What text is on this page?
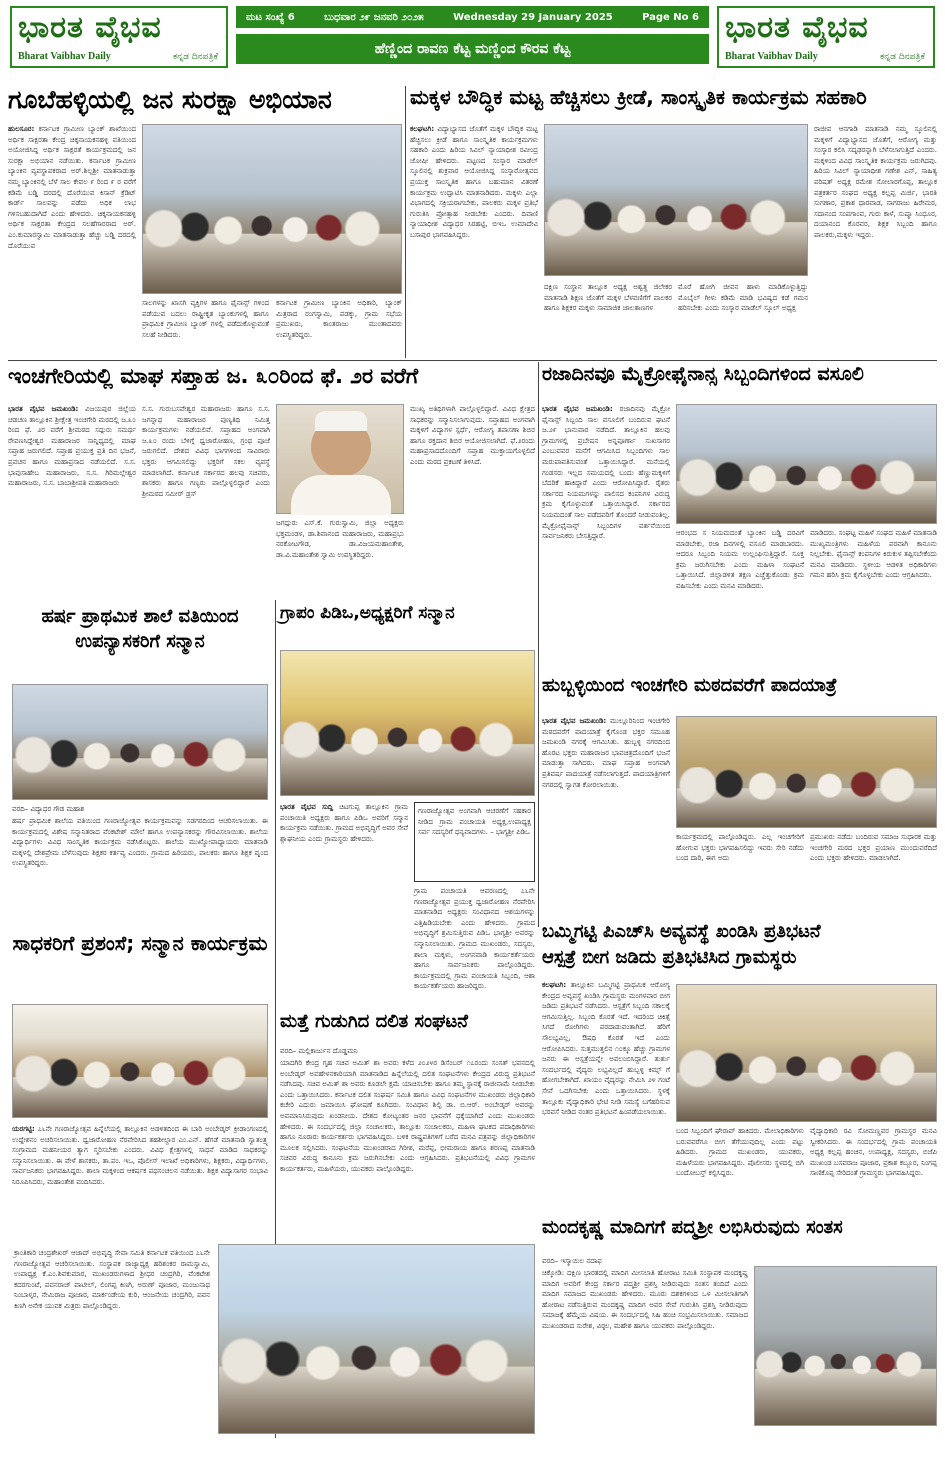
ಭಾರತ ವೈಭವ
Bharat Vaibhav Daily	ಕನ್ನಡ ದಿನಪತ್ರಿಕೆ
ಮಟ ಸಂಖ್ಯೆ 6	ಬುಧವಾರ ೨೯ ಜನವರಿ ೨೦೨೫	Wednesday 29 January 2025	Page No 6
ಹೆಣ್ಣಿಂದ ರಾವಣ ಕೆಟ್ಟ ಮಣ್ಣಿಂದ ಕೌರವ ಕೆಟ್ಟ
ಭಾರತ ವೈಭವ
Bharat Vaibhav Daily	ಕನ್ನಡ ದಿನಪತ್ರಿಕೆ
ಗೂಬೆಹಳ್ಳಿಯಲ್ಲಿ ಜನ ಸುರಕ್ಷಾ ಅಭಿಯಾನ
ಹುಲಸೂರ: ಕರ್ನಾಟಕ ಗ್ರಾಮೀಣ ಬ್ಯಾಂಕ್ ಶಾಖೆಯಿಂದ ಅರ್ಥಿಕ ಸಾಕ್ಷರತಾ ಕೇಂದ್ರ ಚಿಕ್ಕನಾಯಕನಹಳ್ಳಿ ವತಿಯಿಂದ ಅಯೋಜಿಸಿದ್ದ ಅರ್ಥಿಕ ಸಾಕ್ಷರತೆ ಕಾರ್ಯಕ್ರಮದಲ್ಲಿ ಜನ ಸುರಕ್ಷಾ ಅಭಿಯಾನ ನಡೆಯಿತು. ಕರ್ನಾಟಕ ಗ್ರಾಮೀಣ ಬ್ಯಾಂಕಿನ ವ್ಯವಸ್ಥಾಪಕರಾದ ಅರ್.ಶಿಲ್ಪಶ್ರೀ ಮಾತನಾಡುತ್ತಾ ನಮ್ಮ ಬ್ಯಾಂಕಿನಲ್ಲಿ ಬೆಳೆ ಸಾಲ ಕೇವಲ ೯ ರಿಂದ ೯ ರ ವರೆಗೆ ಕಡಿಮೆ ಬಡ್ಡಿ ದರದಲ್ಲಿ ದೊರೆಯುವ ಕಿಸಾನ್ ಕ್ರೆಡಿಟ್ ಕಾರ್ಡ್ ಸಾಲವನ್ನು ಪಡೆದು ಅಧಿಕ ಲಾಭ ಗಳಿಸಬಹುದಾಗಿದೆ ಎಂದು ಹೇಳಿದರು. ಚಿಕ್ಕನಾಯಕನಹಳ್ಳಿ ಅರ್ಥಿಕ ಸಾಕ್ಷರತಾ ಕೇಂದ್ರದ ಸಲಹೆಗಾರರಾದ ಅರ್. ಎಂ.ಕುಮಾರಸ್ವಾಮಿ ಮಾತನಾಡುತ್ತಾ ಹೆಚ್ಚು ಬಡ್ಡಿ ದರದಲ್ಲಿ ದೊರೆಯುವ
ಸಾಲಗಳನ್ನು ಖಾಸಗಿ ವ್ಯಕ್ತಿಗಳ ಹಾಗೂ ಫೈನಾನ್ಸ್ ಗಳಿಂದ ಪಡೆಯುವ ಬದಲು ರಾಷ್ಟ್ರೀಕೃತ ಬ್ಯಾಂಕುಗಳಲ್ಲಿ ಹಾಗೂ ಪ್ರಾಥಮಿಕ ಗ್ರಾಮೀಣ ಬ್ಯಾಂಕ್ ಗಳಲ್ಲಿ ಪಡೆದುಕೊಳ್ಳುವಂತೆ ಸಲಹೆ ನೀಡಿದರು.
ಕರ್ನಾಟಕ ಗ್ರಾಮೀಣ ಬ್ಯಾಂಕಿನ ಅಧಿಕಾರಿ, ಬ್ಯಾಂಕ್ ಮಿತ್ರರಾದ ರಂಗಸ್ವಾಮಿ, ಪಡಕ್ಕು, ಗ್ರಾಮ ಸಭೆಯ ಪ್ರಮುಖರು, ಕಾಂತರಾಜು ಮುಂತಾದವರು ಉಪಸ್ಥಿತರಿದ್ದರು.
ಮಕ್ಕಳ ಬೌದ್ಧಿಕ ಮಟ್ಟ ಹೆಚ್ಚಿಸಲು ಕ್ರೀಡೆ, ಸಾಂಸ್ಕೃತಿಕ ಕಾರ್ಯಕ್ರಮ ಸಹಕಾರಿ
ಕಲಘಟಗಿ: ವಿದ್ಯಾಭ್ಯಾಸದ ಜೊತೆಗೆ ಮಕ್ಕಳ ಬೌದ್ಧಿಕ ಮಟ್ಟ ಹೆಚ್ಚಿಸಲು ಕ್ರೀಡೆ ಹಾಗೂ ಸಾಂಸ್ಕೃತಿಕ ಕಾರ್ಯಕ್ರಮಗಳು ಸಹಕಾರಿ ಎಂದು ಹಿರಿಯ ಸಿವಿಲ್ ನ್ಯಾಯಾಧೀಶ ರವೀಂದ್ರ ಜೋಷೀ ಹೇಳಿದರು. ಪಟ್ಟಣದ ಸಂಸ್ಕಾರ ಮಾಡೆಲ್ ಸ್ಕೂಲಿನಲ್ಲಿ ಶುಕ್ರವಾರ ಆಯೋಜಿಸಿದ್ದ ಸಂಸ್ಕಾರೋತ್ಸವದ ಪ್ರಯುಕ್ತ ಸಾಂಸ್ಕೃತಿಕ ಹಾಗೂ ಬಹುಮಾನ ವಿತರಣೆ ಕಾರ್ಯಕ್ರಮ ಉದ್ಘಾಟಿಸಿ ಮಾತನಾಡಿದರು. ಮಕ್ಕಳು ಎಲ್ಲಾ ವಿಭಾಗದಲ್ಲಿ ಸಕ್ರಿಯರಾಗಬೇಕು, ಪಾಲಕರು ಮಕ್ಕಳ ಪ್ರತಿಭೆ ಗುರುತಿಸಿ ಪ್ರೋತ್ಸಾಹ ನೀಡಬೇಕು ಎಂದರು. ದಿವಾಣಿ ನ್ಯಾಯಾಧೀಶ ವಿದ್ಯಾಧರ ಸಿರಹಟ್ಟಿ, ಬಿಇಒ ಉಮಾದೇವಿ ಬಸಾಪುರ ಭಾಗವಹಿಸಿದ್ದರು.
ದಕ್ಷಿಣ ಸಂಸ್ಥಾನ ತಾಲ್ಲೂಕ ಅಧ್ಯಕ್ಷ ಅಶ್ವತ್ಥ ಜಿಲೇಕರ ಮಾತನಾಡಿ ಶಿಕ್ಷಣ ಜೊತೆಗೆ ಮಕ್ಕಳ ಬೆಳವಣಿಗೆಗೆ ಪಾಲಕರ ಹಾಗೂ ಶಿಕ್ಷಕರ ಮಕ್ಕಳು ಸಾಮಾಜಿಕ ಜಾಲತಾಣಗಳ
ಮೊರೆ ಹೋಗಿ ಜೀವನ ಹಾಳು ಮಾಡಿಕೊಳ್ಳುತ್ತಿದ್ದು ಮೊಬೈಲ್ ಗೀಳು ಕಡಿಮೆ ಮಾಡಿ ಭವಿಷ್ಯದ ಕಡೆ ಗಮನ ಹರಿಸಬೇಕು ಎಂದು ಸಂಸ್ಕಾರ ಮಾಡೆಲ್ ಸ್ಕೂಲ್ ಅಧ್ಯಕ್ಷ
ರಾಜೀವ ಆನಗಾಡಿ ಮಾತನಾಡಿ ನಮ್ಮ ಸ್ಕೂಲಿನಲ್ಲಿ ಮಕ್ಕಳಿಗೆ ವಿದ್ಯಾಭ್ಯಾಸದ ಜೊತೆಗೆ, ಆರೋಗ್ಯ ಮತ್ತು ಸಂಸ್ಕಾರ ಕಲಿಸಿ ಸದೃಢರನ್ನಾಗಿ ಬೆಳೆಸಲಾಗುತ್ತಿದೆ ಎಂದರು. ಮಕ್ಕಳಿಂದ ವಿವಿಧ ಸಾಂಸ್ಕೃತಿಕ ಕಾರ್ಯಕ್ರಮ ಜರುಗಿದವು. ಹಿರಿಯ ಸಿವಿಲ್ ನ್ಯಾಯಾಧೀಶ ಗಣೇಶ ಎನ್, ಸಾಹಿತ್ಯ ಪರಿಷತ್ ಅಧ್ಯಕ್ಷ ರಮೇಶ ಸೋಲಾರಗೊಪ್ಪ, ತಾಲ್ಲೂಕ ಪತ್ರಕರ್ತರ ಸಂಘದ ಅಧ್ಯಕ್ಷ ಕಲ್ಲಪ್ಪ ಮಿರ್ಜಿ, ಭಾರತಿ ಸುಗಣಾರ, ಪ್ರಕಾಶ ಧಾರವಾಡ, ನಾಗರಾಜು ಹಿರೇಮಠ, ಸದಾನಂದ ಸಂಪಗಾಂವ, ಗುರು ಕಾಳೆ, ಸುಷ್ಮಾ ಸಿಂಧೂರ, ದಯಾನಂದ ಕೊರವರ, ಶಿಕ್ಷಕ ಸಿಬ್ಬಂದಿ ಹಾಗೂ ಪಾಲಕರು,ಮಕ್ಕಳು ಇದ್ದರು.
ಇಂಚಗೇರಿಯಲ್ಲಿ ಮಾಘ ಸಪ್ತಾಹ ಜ. ೩೦ರಿಂದ ಫೆ. ೨ರ ವರೆಗೆ
ಭಾರತ ವೈಭವ ಜಮಖಂಡಿ: ವಿಜಯಪುರ ಜಿಲ್ಲೆಯ ಚಡಚಣ ತಾಲ್ಲೂಕಿನ ಶ್ರೀಕ್ಷೇತ್ರ ಇಂಚಗೇರಿ ಮಠದಲ್ಲಿ ಜ.೩೦ ರಿಂದ ಫೆ. ೨ರ ವರೆಗೆ ಶ್ರೀಮಠದ ಸದ್ಗುರು ಸಮರ್ಥ ರೇವಣಸಿದ್ದೇಶ್ವರ ಮಹಾರಾಜರ ಸಾನ್ನಿಧ್ಯದಲ್ಲಿ ಮಾಘ ಸಪ್ತಾಹ ಜರುಗಲಿದೆ. ಸಪ್ತಾಹ ಪ್ರಯುಕ್ತ ಪ್ರತಿ ದಿನ ಭಜನೆ, ಪ್ರವಚನ ಹಾಗೂ ಮಹಾಪ್ರಸಾದ ನಡೆಯಲಿದೆ. ಸ.ಸ. ಭಾವುಸಾಹೇಬ ಮಹಾರಾಜರು, ಸ.ಸ. ಗಿರಿಮಲ್ಲೇಶ್ವರ ಮಹಾರಾಜರು, ಸ.ಸ. ಬಾಬಾಶ್ರೀಪತಿ ಮಹಾರಾಜರು
ಸ.ಸ. ಗುರುಬಸವೇಶ್ವರ ಮಹಾರಾಜರು ಹಾಗೂ ಸ.ಸ. ಜಗನ್ನಾಥ ಮಹಾರಾಜರ ಪುಣ್ಯತಿಥಿ ನಿಮಿತ್ತ ಕಾರ್ಯಕ್ರಮಗಳು ನಡೆಯಲಿವೆ. ಸಪ್ತಾಹದ ಅಂಗವಾಗಿ ಜ.೩೦ ರಂದು ಬೆಳಿಗ್ಗೆ ಧ್ವಜಾರೋಹಣ, ಗ್ರಂಥ ಪೂಜೆ ಜರುಗಲಿದೆ. ದೇಶದ ವಿವಿಧ ಭಾಗಗಳಿಂದ ಸಾವಿರಾರು ಭಕ್ತರು ಆಗಮಿಸಲಿದ್ದು ಭಕ್ತರಿಗೆ ಸಕಲ ವ್ಯವಸ್ಥೆ ಮಾಡಲಾಗಿದೆ. ಕರ್ನಾಟಕ ಸರ್ಕಾರದ ಹಲವು ಸಚಿವರು, ಶಾಸಕರು ಹಾಗೂ ಗಣ್ಯರು ಪಾಲ್ಗೊಳ್ಳಲಿದ್ದಾರೆ ಎಂದು ಶ್ರೀಮಠದ ಸಮೀರ್ ಡ್ರಸ್
ಜಗದ್ಗುರು ಎಸ್.ಕೆ. ಗುರುಸ್ವಾಮಿ, ಜಿಲ್ಲಾ ಅಧ್ಯಕ್ಷರು ಭಕ್ತಮಂಡಳ, ಡಾ.ಶಿವಾನಂದ ಮಹಾರಾಜರು, ಮಹಾಪ್ರಭು ನರಕೋಟಗೌಡ, ಡಾ.ವಿಜಯಮಹಾಂತೇಶ, ಡಾ.ವಿ.ಮಹಾಂತೇಶ ಸ್ವಾಮಿ ಉಪಸ್ಥಿತರಿದ್ದರು.
ಮುಖ್ಯ ಅತಿಥಿಗಳಾಗಿ ಪಾಲ್ಗೊಳ್ಳಲಿದ್ದಾರೆ. ವಿವಿಧ ಕ್ಷೇತ್ರದ ಸಾಧಕರನ್ನು ಸನ್ಮಾನಿಸಲಾಗುವುದು. ಸಪ್ತಾಹದ ಅಂಗವಾಗಿ ಮಕ್ಕಳಿಗೆ ವಿದ್ಯಾಗಳ ಸ್ಪರ್ಧೆ, ಆರೋಗ್ಯ ತಪಾಸಣಾ ಶಿಬಿರ ಹಾಗೂ ರಕ್ತದಾನ ಶಿಬಿರ ಆಯೋಜಿಸಲಾಗಿದೆ. ಫೆ.೨ರಂದು ಮಹಾಪ್ರಸಾದದೊಂದಿಗೆ ಸಪ್ತಾಹ ಮುಕ್ತಾಯಗೊಳ್ಳಲಿದೆ ಎಂದು ಮಠದ ಪ್ರಕಟಣೆ ತಿಳಿಸಿದೆ.
ರಜಾದಿನವೂ ಮೈಕ್ರೋಫೈನಾನ್ಸ ಸಿಬ್ಬಂದಿಗಳಿಂದ ವಸೂಲಿ
ಭಾರತ ವೈಭವ ಜಮಖಂಡಿ: ರಜಾದಿನವು ಮೈಕ್ರೋ ಫೈನಾನ್ಸ್ ಸಿಬ್ಬಂದಿ ಸಾಲ ವಸೂಲಿಗೆ ಬಂದಿರುವ ಘಟನೆ ಜ.೨೯ ಭಾನುವಾರ ನಡೆದಿದೆ. ತಾಲ್ಲೂಕಿನ ಹಲವು ಗ್ರಾಮಗಳಲ್ಲಿ ಪ್ರಬೇಷನ ಅನ್ನಪೂರ್ಣಾ ಸುಖಸಾಗರ ಎಂಬುವವರ ಮನೆಗೆ ಆಗಮಿಸಿದ ಸಿಬ್ಬಂದಿಗಳು ಸಾಲ ಮರುಪಾವತಿಸುವಂತೆ ಒತ್ತಾಯಿಸಿದ್ದಾರೆ. ಮನೆಯಲ್ಲಿ ಗಂಡಸರು ಇಲ್ಲದ ಸಮಯದಲ್ಲಿ ಬಂದು ಹೆಣ್ಣುಮಕ್ಕಳಿಗೆ ಬೆದರಿಕೆ ಹಾಕಿದ್ದಾರೆ ಎಂದು ಆರೋಪಿಸಿದ್ದಾರೆ. ರೈತರು ಸರ್ಕಾರದ ನಿಯಮಗಳನ್ನು ಪಾಲಿಸದ ಕಂಪನಿಗಳ ವಿರುದ್ಧ ಕ್ರಮ ಕೈಗೊಳ್ಳುವಂತೆ ಒತ್ತಾಯಿಸಿದ್ದಾರೆ. ಸರ್ಕಾರದ ನಿಯಮದಂತೆ ಸಾಲ ಪಡೆದವರಿಗೆ ತೊಂದರೆ ನೀಡುವಂತಿಲ್ಲ. ಮೈಕ್ರೋಫೈನಾನ್ಸ್ ಸಿಬ್ಬಂದಿಗಳ ವರ್ತನೆಯಿಂದ ಸಾರ್ವಜನಿಕರು ಬೇಸತ್ತಿದ್ದಾರೆ.	ಆರಂಭದ ಸ ನಿಯಮದಂತೆ ಬ್ಯಾಂಕಿನ ಬಡ್ಡಿ ದರವಿಗೆ ಮಾಡಬೇಕು, ರಜಾ ದಿನಗಳಲ್ಲಿ ವಸೂಲಿ ಮಾಡಬಾರದು. ಆದರೂ ಸಿಬ್ಬಂದಿ ನಿಯಮ ಉಲ್ಲಂಘಿಸುತ್ತಿದ್ದಾರೆ. ಸೂಕ್ತ ಕ್ರಮ ಜರುಗಿಸಬೇಕು ಎಂದು ಮಹಿಳಾ ಸಂಘಟನೆ ಒತ್ತಾಯಿಸಿದೆ. ಜಿಲ್ಲಾಡಳಿತ ತಕ್ಷಣ ಎಚ್ಚೆತ್ತುಕೊಂಡು ಕ್ರಮ ವಹಿಸಬೇಕು ಎಂದು ಮನವಿ ಮಾಡಿದರು.
ಮಾಡಿದರು. ಸಂಘಟ್ಟ ಮಹಿಳೆ ಸಂಘದ ಮಹಿಳೆ ಮಾತನಾಡಿ ಮುಖ್ಯಮಂತ್ರಿಗಳು ಮಹಿಳೆಯ ಪರವಾಗಿ ಕಾನೂನು ನಿಲ್ಲಬೇಕು. ಫೈನಾನ್ಸ್ ಕಂಪನಿಗಳ ಕಿರುಕುಳ ತಪ್ಪಿಸಬೇಕೆಂದು ಮನವಿ ಮಾಡಿದರು. ಸ್ಥಳೀಯ ಆಡಳಿತ ಅಧಿಕಾರಿಗಳು ಗಮನ ಹರಿಸಿ ಕ್ರಮ ಕೈಗೊಳ್ಳಬೇಕು ಎಂದು ಆಗ್ರಹಿಸಿದರು.
ಹರ್ಷ ಪ್ರಾಥಮಿಕ ಶಾಲೆ ವತಿಯಿಂದ ಉಪನ್ಯಾಸಕರಿಗೆ ಸನ್ಮಾನ
ವರದಿ– ವಿದ್ಯಾಧರ ಗೌಡ ಮಹಾಶ
ಹರ್ಷ ಪ್ರಾಥಮಿಕ ಶಾಲೆಯ ವತಿಯಿಂದ ಗಣರಾಜ್ಯೋತ್ಸವ ಕಾರ್ಯಕ್ರಮವನ್ನು ಸಡಗರದಿಂದ ಆಚರಿಸಲಾಯಿತು. ಈ ಕಾರ್ಯಕ್ರಮದಲ್ಲಿ ವಿಶೇಷ ಸನ್ಮಾನಿತರಾದ ವೆಂಕಟೇಶ್ ಮೌಲೆ ಹಾಗೂ ಉಪನ್ಯಾಸಕರನ್ನು ಗೌರವಿಸಲಾಯಿತು. ಶಾಲೆಯ ವಿದ್ಯಾರ್ಥಿಗಳು ವಿವಿಧ ಸಾಂಸ್ಕೃತಿಕ ಕಾರ್ಯಕ್ರಮ ನಡೆಸಿಕೊಟ್ಟರು. ಶಾಲೆಯ ಮುಖ್ಯೋಪಾಧ್ಯಾಯರು ಮಾತನಾಡಿ ಮಕ್ಕಳಲ್ಲಿ ದೇಶಪ್ರೇಮ ಬೆಳೆಸುವುದು ಶಿಕ್ಷಕರ ಕರ್ತವ್ಯ ಎಂದರು. ಗ್ರಾಮದ ಹಿರಿಯರು, ಪಾಲಕರು ಹಾಗೂ ಶಿಕ್ಷಕ ವೃಂದ ಉಪಸ್ಥಿತರಿದ್ದರು.
ಗ್ರಾಪಂ ಪಿಡಿಒ,ಅಧ್ಯಕ್ಷರಿಗೆ ಸನ್ಮಾನ
ಭಾರತ ವೈಭವ ಸುದ್ದಿ ಚಿಟಗುಪ್ಪ ತಾಲ್ಲೂಕಿನ ಗ್ರಾಮ ಪಂಚಾಯಿತಿ ಅಧ್ಯಕ್ಷರು ಹಾಗೂ ಪಿಡಿಒ ಅವರಿಗೆ ಸನ್ಮಾನ ಕಾರ್ಯಕ್ರಮ ನಡೆಯಿತು. ಗ್ರಾಮದ ಅಭಿವೃದ್ಧಿಗೆ ಅವರ ಸೇವೆ ಶ್ಲಾಘನೀಯ ಎಂದು ಗ್ರಾಮಸ್ಥರು ಹೇಳಿದರು.
ಗಣರಾಜ್ಯೋತ್ಸವ ಅಂಗವಾಗಿ ಆಚರಣೆಗೆ ಸಹಕಾರ ನೀಡಿದ ಗ್ರಾಮ ಪಂಚಾಯತಿ ಅಧ್ಯಕ್ಷ,ಉಪಾಧ್ಯಕ್ಷ ಸರ್ವ ಸದಸ್ಯರಿಗೆ ಧನ್ಯವಾದಗಳು. – ಭಾಗ್ಯಶ್ರೀ ಪಿಡಿಒ
ಗ್ರಾಮ ಪಂಚಾಯತಿ ಆವರಣದಲ್ಲಿ ೭೬ನೇ ಗಣರಾಜ್ಯೋತ್ಸವ ಪ್ರಯುಕ್ತ ಧ್ವಜಾರೋಹಣ ನೆರವೇರಿಸಿ ಮಾತನಾಡಿದ ಅಧ್ಯಕ್ಷರು ಸಂವಿಧಾನದ ಆಶಯಗಳನ್ನು ಎತ್ತಿಹಿಡಿಯಬೇಕು ಎಂದು ಹೇಳಿದರು. ಗ್ರಾಮದ ಅಭಿವೃದ್ಧಿಗೆ ಶ್ರಮಿಸುತ್ತಿರುವ ಪಿಡಿಒ ಭಾಗ್ಯಶ್ರೀ ಅವರನ್ನು ಸನ್ಮಾನಿಸಲಾಯಿತು. ಗ್ರಾಮದ ಮುಖಂಡರು, ಸದಸ್ಯರು, ಶಾಲಾ ಮಕ್ಕಳು, ಅಂಗನವಾಡಿ ಕಾರ್ಯಕರ್ತೆಯರು ಹಾಗೂ ಸಾರ್ವಜನಿಕರು ಪಾಲ್ಗೊಂಡಿದ್ದರು. ಕಾರ್ಯಕ್ರಮದಲ್ಲಿ ಗ್ರಾಮ ಪಂಚಾಯತಿ ಸಿಬ್ಬಂದಿ, ಆಶಾ ಕಾರ್ಯಕರ್ತೆಯರು ಹಾಜರಿದ್ದರು.
ಹುಬ್ಬಳ್ಳಿಯಿಂದ ಇಂಚಗೇರಿ ಮಠದವರೆಗೆ ಪಾದಯಾತ್ರೆ
ಭಾರತ ವೈಭವ ಜಮಖಂಡಿ: ಮುಲ್ಲೂರಿನಿಂದ ಇಂಚಗೇರಿ ಮಠದವರೆಗೆ ಪಾದಯಾತ್ರೆ ಕೈಗೊಂಡ ಭಕ್ತರ ಸಮೂಹ ಜಮಖಂಡಿ ನಗರಕ್ಕೆ ಆಗಮಿಸಿತು. ಹುಬ್ಬಳ್ಳಿ ನಗರದಿಂದ ಹೊರಟ ಭಕ್ತರು ಮಹಾರಾಜರ ಭಾವಚಿತ್ರದೊಂದಿಗೆ ಭಜನೆ ಮಾಡುತ್ತಾ ಸಾಗಿದರು. ಮಾಘ ಸಪ್ತಾಹ ಅಂಗವಾಗಿ ಪ್ರತಿವರ್ಷ ಪಾದಯಾತ್ರೆ ನಡೆಸಲಾಗುತ್ತದೆ. ಪಾದಯಾತ್ರಿಗಳಿಗೆ ನಗರದಲ್ಲಿ ಸ್ವಾಗತ ಕೋರಲಾಯಿತು.
ಕಾರ್ಯಕ್ರಮದಲ್ಲಿ ಪಾಲ್ಗೊಂಡಿದ್ದರು. ಎಲ್ಲ ಇಂಚಗೇರಿಗೆ ಹೋಗುವ ಭಕ್ತರು ಭಾಗವಹಿಸಲಿದ್ದು ಇವರು ಸೇರಿ ನಡೆದು ಬಂದ ದಾರಿ, ಈಗ ಅದು
ಪ್ರಮುಖರು ನಡೆದು ಬಂದಿರುವ ಸಮಾಜ ಸುಧಾರಕ ಮತ್ತು ಇಂಚಗೇರಿ ಮಠದ ಭಕ್ತರ ಪ್ರಯಾಣ ಮುಂದುವರೆದಿದೆ ಎಂದು ಭಕ್ತರು ಹೇಳಿದರು. ಮಾಡಲಾಗಿದೆ.
ಸಾಧಕರಿಗೆ ಪ್ರಶಂಸೆ; ಸನ್ಮಾನ ಕಾರ್ಯಕ್ರಮ
ಯರಗಟ್ಟಿ: ೭೬ನೇ ಗಣರಾಜ್ಯೋತ್ಸವ ಹಿನ್ನೆಲೆಯಲ್ಲಿ ತಾಲ್ಲೂಕಿನ ಅಡಳಿತದಿಂದ ಈ ಬಾರಿ ಅಂಬೇಡ್ಕರ್ ಕ್ರೀಡಾಂಗಣದಲ್ಲಿ ಉದ್ದೇಶನಂ ಅಚರಿಸಲಾಯಿತು. ಧ್ವಜಾರೋಹಣ ನೆರವೇರಿಸಿದ ತಹಶೀಲ್ದಾರ ಎಂ.ಎನ್. ಹೆಗಡೆ ಮಾತನಾಡಿ ಸ್ವಾತಂತ್ರ್ಯ ಸಂಗ್ರಾಮದ ಮಹನೀಯರ ತ್ಯಾಗ ಸ್ಮರಿಸಬೇಕು ಎಂದರು. ವಿವಿಧ ಕ್ಷೇತ್ರಗಳಲ್ಲಿ ಸಾಧನೆ ಮಾಡಿದ ಸಾಧಕರನ್ನು ಸನ್ಮಾನಿಸಲಾಯಿತು. ಈ ವೇಳೆ ಶಾಸಕರು, ತಾ.ಪಂ. ಇಒ, ಪೊಲೀಸ್ ಇಲಾಖೆ ಅಧಿಕಾರಿಗಳು, ಶಿಕ್ಷಕರು, ವಿದ್ಯಾರ್ಥಿಗಳು, ಸಾರ್ವಜನಿಕರು ಭಾಗವಹಿಸಿದ್ದರು. ಶಾಲಾ ಮಕ್ಕಳಿಂದ ಆಕರ್ಷಕ ಪಥಸಂಚಲನ ನಡೆಯಿತು. ಶಿಕ್ಷಕ ವಿದ್ಯಾಸಾಗರ ಸಂಭಾವಿ ನಿರೂಪಿಸಿದರು, ಮಹಾಂತೇಶ ವಂದಿಸಿದರು.
ಮತ್ತೆ ಗುಡುಗಿದ ದಲಿತ ಸಂಘಟನೆ
ವರದಿ– ಮಲ್ಲಿಕಾರ್ಜುನ ದೊಡ್ಡಮನಿ
ಯಾದಗಿರಿ ಕೇಂದ್ರ ಗೃಹ ಸಚಿವ ಅಮಿತ್ ಶಾ ಅವರು ಕಳೆದ ೨೦೨೪ರ ಡಿಸೆಂಬರ್ ೧೭ರಂದು ಸಂಸತ್ ಭವನದಲ್ಲಿ ಅಂಬೇಡ್ಕರ್ ಅವಹೇಳನಕಾರಿಯಾಗಿ ಮಾತನಾಡಿದ ಹಿನ್ನೆಲೆಯಲ್ಲಿ ದಲಿತ ಸಂಘಟನೆಗಳು ಕೇಂದ್ರದ ವಿರುದ್ಧ ಪ್ರತಿಭಟನೆ ನಡೆಸಿದವು. ಸಚಿವ ಅಮಿತ್ ಶಾ ಅವರು ಕೂಡಲೇ ಕ್ಷಮೆ ಯಾಚಿಸಬೇಕು ಹಾಗೂ ತಮ್ಮ ಸ್ಥಾನಕ್ಕೆ ರಾಜೀನಾಮೆ ನೀಡಬೇಕು ಎಂದು ಒತ್ತಾಯಿಸಿದರು. ಕರ್ನಾಟಕ ದಲಿತ ಸಂಘರ್ಷ ಸಮಿತಿ ಹಾಗೂ ವಿವಿಧ ಸಂಘಟನೆಗಳ ಮುಖಂಡರು ಜಿಲ್ಲಾಧಿಕಾರಿ ಕಚೇರಿ ಎದುರು ಜಮಾಯಿಸಿ ಘೋಷಣೆ ಕೂಗಿದರು. ಸಂವಿಧಾನ ಶಿಲ್ಪಿ ಡಾ. ಬಿ.ಆರ್. ಅಂಬೇಡ್ಕರ್ ಅವರನ್ನು ಅವಮಾನಿಸಿರುವುದು ಖಂಡನೀಯ. ದೇಶದ ಕೋಟ್ಯಂತರ ಜನರ ಭಾವನೆಗೆ ಧಕ್ಕೆಯಾಗಿದೆ ಎಂದು ಮುಖಂಡರು ಹೇಳಿದರು. ಈ ಸಂದರ್ಭದಲ್ಲಿ ಜಿಲ್ಲಾ ಸಂಚಾಲಕರು, ತಾಲ್ಲೂಕು ಸಂಚಾಲಕರು, ಮಹಿಳಾ ಘಟಕದ ಪದಾಧಿಕಾರಿಗಳು ಹಾಗೂ ನೂರಾರು ಕಾರ್ಯಕರ್ತರು ಭಾಗವಹಿಸಿದ್ದರು. ಬಳಿಕ ರಾಷ್ಟ್ರಪತಿಗಳಿಗೆ ಬರೆದ ಮನವಿ ಪತ್ರವನ್ನು ಜಿಲ್ಲಾಧಿಕಾರಿಗಳ ಮೂಲಕ ಸಲ್ಲಿಸಿದರು. ಸಂಘಟನೆಯ ಮುಖಂಡರಾದ ಗಿರೀಶ, ಮರೆಪ್ಪ, ಭೀಮರಾಯ ಹಾಗೂ ಶರಣಪ್ಪ ಮಾತನಾಡಿ ಸಚಿವರ ವಿರುದ್ಧ ಕಾನೂನು ಕ್ರಮ ಜರುಗಿಸಬೇಕು ಎಂದು ಆಗ್ರಹಿಸಿದರು. ಪ್ರತಿಭಟನೆಯಲ್ಲಿ ವಿವಿಧ ಗ್ರಾಮಗಳ ಕಾರ್ಯಕರ್ತರು, ಮಹಿಳೆಯರು, ಯುವಕರು ಪಾಲ್ಗೊಂಡಿದ್ದರು.
ಬಮ್ಮಿಗಟ್ಟಿ ಪಿಎಚ್‌ಸಿ ಅವ್ಯವಸ್ಥೆ ಖಂಡಿಸಿ ಪ್ರತಿಭಟನೆ
ಆಸ್ಪತ್ರೆ ಬೀಗ ಜಡಿದು ಪ್ರತಿಭಟಿಸಿದ ಗ್ರಾಮಸ್ಥರು
ಕಲಘಟಗಿ: ತಾಲ್ಲೂಕಿನ ಬಮ್ಮಿಗಟ್ಟಿ ಪ್ರಾಥಮಿಕ ಆರೋಗ್ಯ ಕೇಂದ್ರದ ಅವ್ಯವಸ್ಥೆ ಖಂಡಿಸಿ ಗ್ರಾಮಸ್ಥರು ಮಂಗಳವಾರ ಬೀಗ ಜಡಿದು ಪ್ರತಿಭಟನೆ ನಡೆಸಿದರು. ಆಸ್ಪತ್ರೆಗೆ ಸಿಬ್ಬಂದಿ ಸಕಾಲಕ್ಕೆ ಆಗಮಿಸುತ್ತಿಲ್ಲ. ಸಿಬ್ಬಂದಿ ಕೊರತೆ ಇದೆ. ಇದರಿಂದ ಚಿಕಿತ್ಸೆ ಸಿಗದೆ ರೋಗಿಗಳು ಪರದಾಡುವಂತಾಗಿದೆ. ಹೆರಿಗೆ ಸೌಲಭ್ಯವಿಲ್ಲ, ಔಷಧಿ ಕೊರತೆ ಇದೆ ಎಂದು ಆರೋಪಿಸಿದರು. ಸುತ್ತಮುತ್ತಲಿನ ೧೦ಕ್ಕೂ ಹೆಚ್ಚು ಗ್ರಾಮಗಳ ಜನರು ಈ ಆಸ್ಪತ್ರೆಯನ್ನೇ ಅವಲಂಬಿಸಿದ್ದಾರೆ. ತುರ್ತು ಸಂದರ್ಭದಲ್ಲಿ ವೈದ್ಯರು ಲಭ್ಯವಿಲ್ಲದೆ ಹುಬ್ಬಳ್ಳಿ ಕಿಮ್ಸ್ ಗೆ ಹೋಗಬೇಕಾಗಿದೆ. ಖಾಯಂ ವೈದ್ಯರನ್ನು ನೇಮಿಸಿ ೨೪ ಗಂಟೆ ಸೇವೆ ಒದಗಿಸಬೇಕು ಎಂದು ಒತ್ತಾಯಿಸಿದರು. ಸ್ಥಳಕ್ಕೆ ತಾಲ್ಲೂಕು ವೈದ್ಯಾಧಿಕಾರಿ ಭೇಟಿ ನೀಡಿ ಸಮಸ್ಯೆ ಬಗೆಹರಿಸುವ ಭರವಸೆ ನೀಡಿದ ನಂತರ ಪ್ರತಿಭಟನೆ ಹಿಂಪಡೆಯಲಾಯಿತು.
ಬಂದ ಸಿಬ್ಬಂದಿಗೆ ಘೇರಾವ್ ಹಾಕಿದರು. ಮೇಲಾಧಿಕಾರಿಗಳು ಬರುವವರೆಗೂ ಬೀಗ ತೆಗೆಯುವುದಿಲ್ಲ ಎಂದು ಪಟ್ಟು ಹಿಡಿದರು. ಗ್ರಾಮದ ಮುಖಂಡರು, ಯುವಕರು, ಮಹಿಳೆಯರು ಭಾಗವಹಿಸಿದ್ದರು. ಪೊಲೀಸರು ಸ್ಥಳದಲ್ಲಿ ಬಿಗಿ ಬಂದೋಬಸ್ತ್ ಕಲ್ಪಿಸಿದ್ದರು.
ವೈದ್ಯಾಧಿಕಾರಿ ರವಿ ಸೋಮಣ್ಣವರ ಗ್ರಾಮಸ್ಥರ ಮನವಿ ಸ್ವೀಕರಿಸಿದರು. ಈ ಸಂದರ್ಭದಲ್ಲಿ ಗ್ರಾಮ ಪಂಚಾಯತಿ ಅಧ್ಯಕ್ಷ ಕಲ್ಲಪ್ಪ ಹಂಚಿನ, ಉಪಾಧ್ಯಕ್ಷ, ಸದಸ್ಯರು, ಬಿಜೆಪಿ ಮುಖಂಡ ಬಸವರಾಜ ಪೂಜಾರ, ಪ್ರಕಾಶ ಕಬ್ಬೂರ, ನಿಂಗಪ್ಪ ಸಾಣಿಕೊಪ್ಪ ಸೇರಿದಂತೆ ಗ್ರಾಮಸ್ಥರು ಭಾಗವಹಿಸಿದ್ದರು.
ಮಂದಕೃಷ್ಣ ಮಾದಿಗಗೆ ಪದ್ಮಶ್ರೀ ಲಭಿಸಿರುವುದು ಸಂತಸ
ವರದಿ– ಇಸ್ಮಾಯಿಲ ನದಾಫ
ಚಿಕ್ಕೋಡಿ: ದಕ್ಷಿಣ ಭಾರತದಲ್ಲಿ ಮಾದಿಗ ಮೀಸಲಾತಿ ಹೋರಾಟ ಸಮಿತಿ ಸಂಸ್ಥಾಪಕ ಮಂದಕೃಷ್ಣ ಮಾದಿಗ ಅವರಿಗೆ ಕೇಂದ್ರ ಸರ್ಕಾರ ಪದ್ಮಶ್ರೀ ಪ್ರಶಸ್ತಿ ನೀಡಿರುವುದು ಸಂತಸ ತಂದಿದೆ ಎಂದು ಮಾದಿಗ ಸಮಾಜದ ಮುಖಂಡರು ಹೇಳಿದರು. ಮೂರು ದಶಕಗಳಿಂದ ಒಳ ಮೀಸಲಾತಿಗಾಗಿ ಹೋರಾಟ ನಡೆಸುತ್ತಿರುವ ಮಂದಕೃಷ್ಣ ಮಾದಿಗ ಅವರ ಸೇವೆ ಗುರುತಿಸಿ ಪ್ರಶಸ್ತಿ ನೀಡಿರುವುದು ಸಮಾಜಕ್ಕೆ ಹೆಮ್ಮೆಯ ವಿಷಯ. ಈ ಸಂದರ್ಭದಲ್ಲಿ ಸಿಹಿ ಹಂಚಿ ಸಂಭ್ರಮಿಸಲಾಯಿತು. ಸಮಾಜದ ಮುಖಂಡರಾದ ಸುರೇಶ, ವಿಠ್ಠಲ, ಮಹೇಶ ಹಾಗೂ ಯುವಕರು ಪಾಲ್ಗೊಂಡಿದ್ದರು.
ಕ್ರಾಂತಿಕಾರಿ ಚಂದ್ರಶೇಖರ್ ಆಜಾದ್ ಅಭಿವೃದ್ಧಿ ಸೇವಾ ಸಮಿತಿ ಕರ್ನಾಟಕ ವತಿಯಿಂದ ೭೬ನೇ ಗಣರಾಜ್ಯೋತ್ಸವ ಆಚರಿಸಲಾಯಿತು. ಸಂಸ್ಥಾಪಕ ರಾಜ್ಯಾಧ್ಯಕ್ಷ ಹರಿಶಂಕರ ರಾಮಸ್ವಾಮಿ, ಉಪಾಧ್ಯಕ್ಷ ಕೆ.ಎಂ.ಶಿವಕುಮಾರ, ಮುಖಂಡರುಗಳಾದ ಶ್ರೀಧರ ಚಂದ್ರಗಿರಿ, ವೆಂಕಟೇಶ ಕದರಗುಂಟೆ, ಪವನರಾಜ್ ಪಾಟೀಲ್, ಲಿಂಗಪ್ಪ ಕಿಣಗಿ, ಅರುಣ್ ಪೂಜಾರ, ಮಂಜುನಾಥ ನಿಂಬಾಳ್ಕರ, ನೇಮಿರಾಜ ಪೂಜಾರ, ಮಾರ್ಕಂಡೇಯ ಕುರಿ, ಆಂಜನೇಯ ಚಂದ್ರಗಿರಿ, ಪವನ ಕಿಣಗಿ ಅನೇಕ ಯುವಕ ಮಿತ್ರರು ಪಾಲ್ಗೊಂಡಿದ್ದರು.
